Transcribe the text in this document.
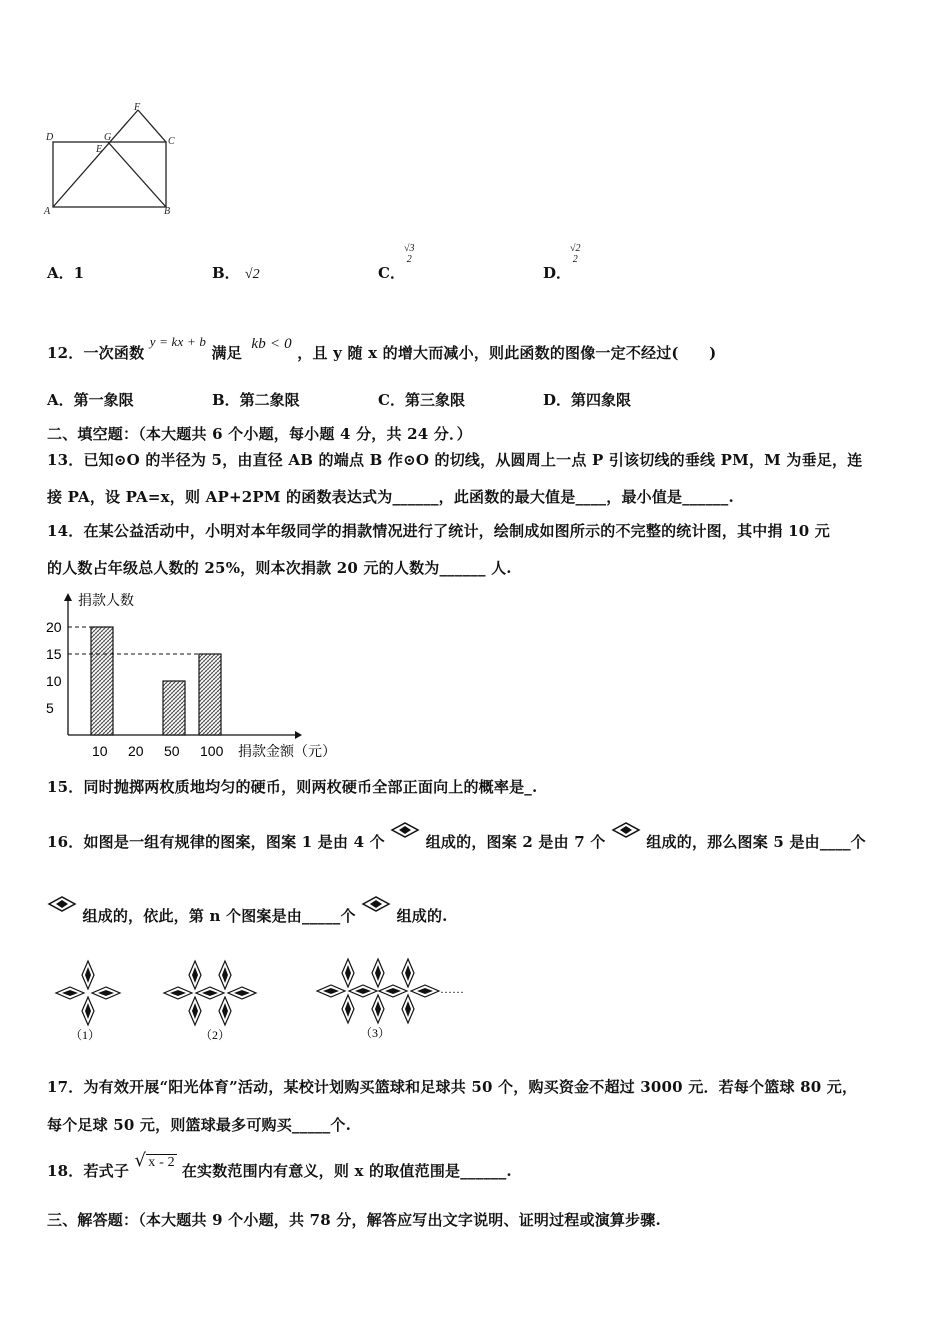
D	G	C
F
E
A	B
A．1	B． √2	C．
√3
2
D．
√2
2
12．一次函数 y = kx + b 满足 kb < 0 ，且 y 随 x 的增大而减小，则此函数的图像一定不经过(　　)
A．第一象限	B．第二象限	C．第三象限	D．第四象限
二、填空题：（本大题共 6 个小题，每小题 4 分，共 24 分．）
13．已知⊙O 的半径为 5，由直径 AB 的端点 B 作⊙O 的切线，从圆周上一点 P 引该切线的垂线 PM，M 为垂足，连
接 PA，设 PA=x，则 AP+2PM 的函数表达式为______，此函数的最大值是____，最小值是______.
14．在某公益活动中，小明对本年级同学的捐款情况进行了统计，绘制成如图所示的不完整的统计图，其中捐 10 元
的人数占年级总人数的 25%，则本次捐款 20 元的人数为______ 人.
捐款人数
5
10
15
20
10 20 50 100 捐款金额（元）
15．同时抛掷两枚质地均匀的硬币，则两枚硬币全部正面向上的概率是_.
16．如图是一组有规律的图案，图案 1 是由 4 个	组成的，图案 2 是由 7 个	组成的，那么图案 5 是由____个
组成的，依此，第 n 个图案是由_____个	组成的.
（1）	（2）	（3）
……
17．为有效开展“阳光体育”活动，某校计划购买篮球和足球共 50 个，购买资金不超过 3000 元．若每个篮球 80 元，
每个足球 50 元，则篮球最多可购买_____个.
18．若式子 √ x - 2 在实数范围内有意义，则 x 的取值范围是______.
三、解答题：（本大题共 9 个小题，共 78 分，解答应写出文字说明、证明过程或演算步骤.
